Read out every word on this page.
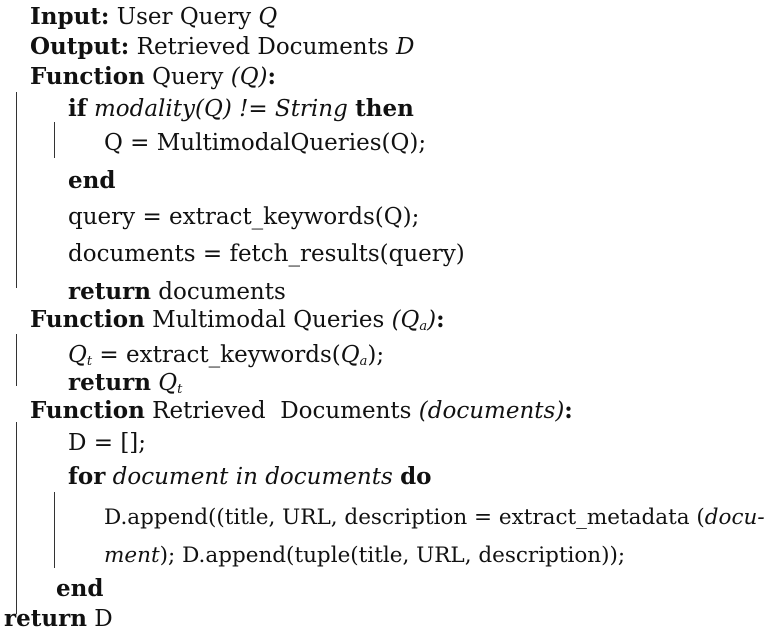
Input: User Query Q
Output: Retrieved Documents D
Function Query (Q):
if modality(Q) != String then
Q = MultimodalQueries(Q);
end
query = extract_keywords(Q);
documents = fetch_results(query)
return documents
Function Multimodal Queries $(Q_a)$:
$Q_t$ = $extract\_keywords(Q_a)$;
return $Q_t$
Function Retrieved  Documents (documents):
D = [];
for document in documents do
D.append((title, URL, description = extract_metadata (docu-
ment); D.append(tuple(title, URL, description));
end
return D
